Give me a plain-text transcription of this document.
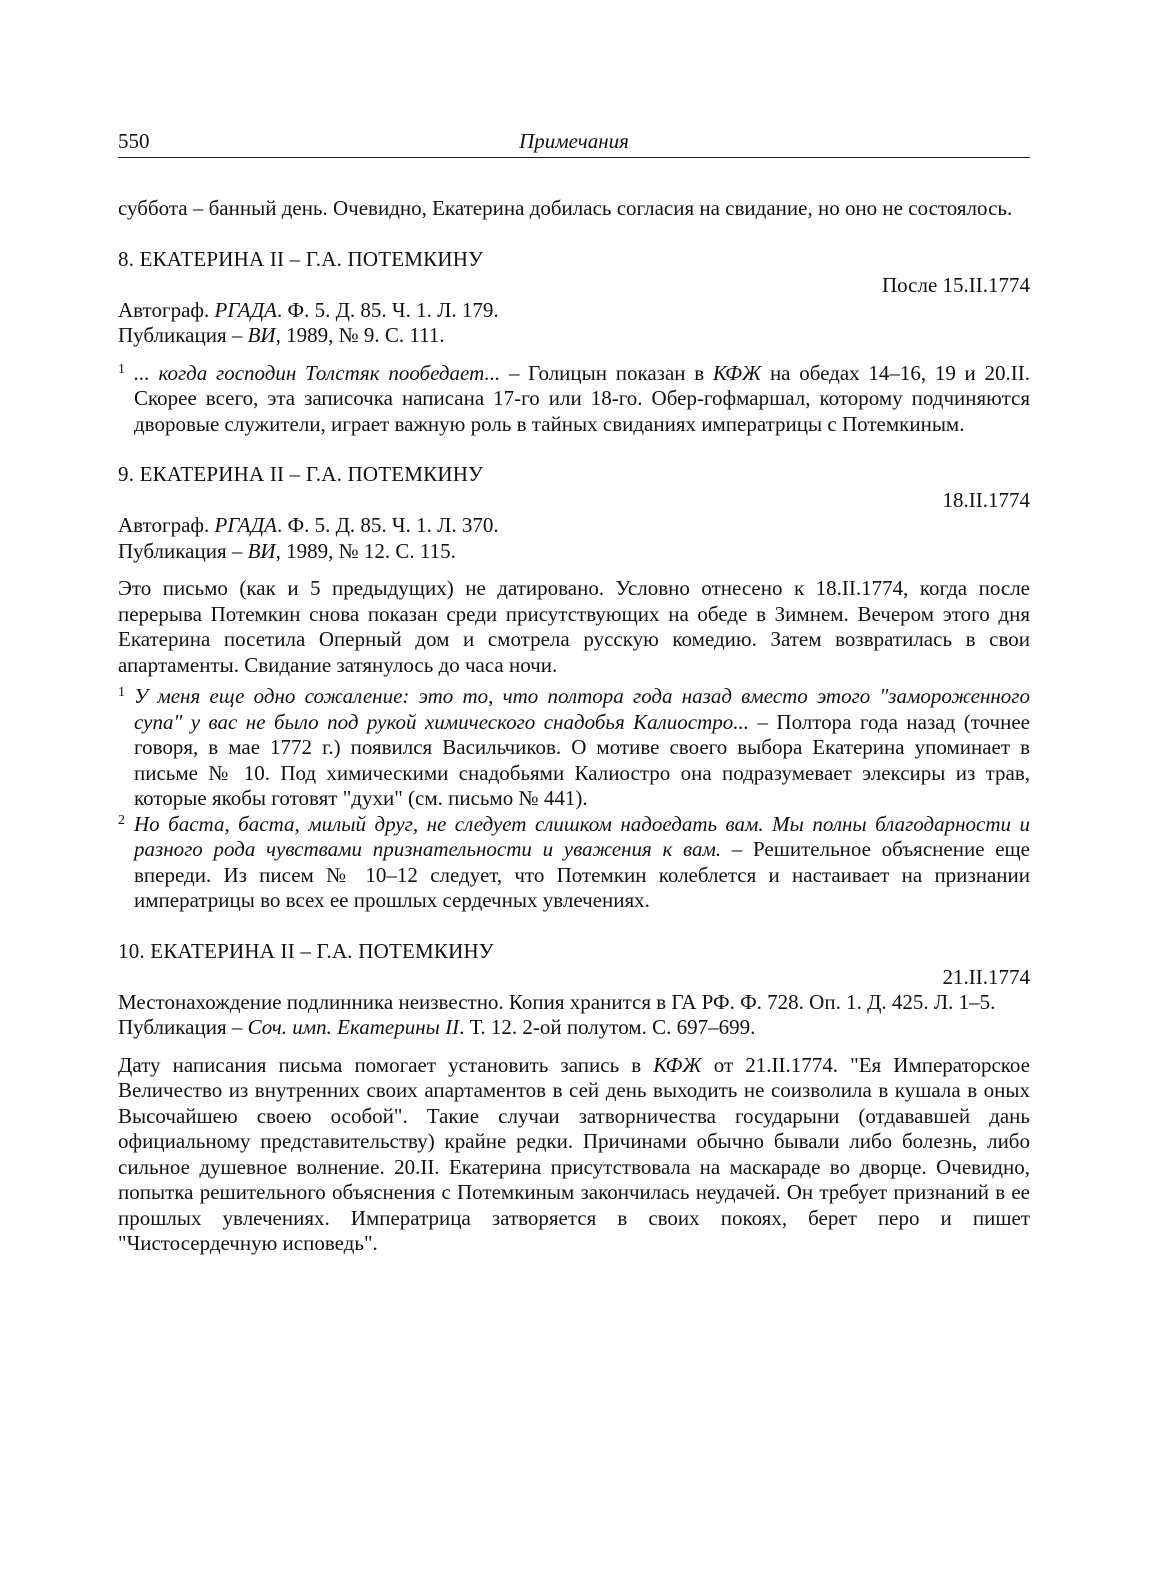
550	Примечания

суббота – банный день. Очевидно, Екатерина добилась согласия на свидание, но оно не состоялось.

8. ЕКАТЕРИНА II – Г.А. ПОТЕМКИНУ
После 15.II.1774
Автограф. РГАДА. Ф. 5. Д. 85. Ч. 1. Л. 179.
Публикация – ВИ, 1989, № 9. С. 111.
1 ... когда господин Толстяк пообедает... – Голицын показан в КФЖ на обедах 14–16, 19 и 20.II. Скорее всего, эта записочка написана 17-го или 18-го. Обер-гофмаршал, которому подчиняются дворовые служители, играет важную роль в тайных свиданиях императрицы с Потемкиным.
9. ЕКАТЕРИНА II – Г.А. ПОТЕМКИНУ
18.II.1774
Автограф. РГАДА. Ф. 5. Д. 85. Ч. 1. Л. 370.
Публикация – ВИ, 1989, № 12. С. 115.

Это письмо (как и 5 предыдущих) не датировано. Условно отнесено к 18.II.1774, когда после перерыва Потемкин снова показан среди присутствующих на обеде в Зимнем. Вечером этого дня Екатерина посетила Оперный дом и смотрела русскую комедию. Затем возвратилась в свои апартаменты. Свидание затянулось до часа ночи.

1 У меня еще одно сожаление: это то, что полтора года назад вместо этого "замороженного супа" у вас не было под рукой химического снадобья Калиостро... – Полтора года назад (точнее говоря, в мае 1772 г.) появился Васильчиков. О мотиве своего выбора Екатерина упоминает в письме № 10. Под химическими снадобьями Калиостро она подразумевает элексиры из трав, которые якобы готовят "духи" (см. письмо № 441).
2 Но баста, баста, милый друг, не следует слишком надоедать вам. Мы полны благодарности и разного рода чувствами признательности и уважения к вам. – Решительное объяснение еще впереди. Из писем № 10–12 следует, что Потемкин колеблется и настаивает на признании императрицы во всех ее прошлых сердечных увлечениях.
10. ЕКАТЕРИНА II – Г.А. ПОТЕМКИНУ
21.II.1774

Местонахождение подлинника неизвестно. Копия хранится в ГА РФ. Ф. 728. Оп. 1. Д. 425. Л. 1–5.

Публикация – Соч. имп. Екатерины II. Т. 12. 2-ой полутом. С. 697–699.

Дату написания письма помогает установить запись в КФЖ от 21.II.1774. "Ея Императорское Величество из внутренних своих апартаментов в сей день выходить не соизволила в кушала в оных Высочайшею своею особой". Такие случаи затворничества государыни (отдававшей дань официальному представительству) крайне редки. Причинами обычно бывали либо болезнь, либо сильное душевное волнение. 20.II. Екатерина присутствовала на маскараде во дворце. Очевидно, попытка решительного объяснения с Потемкиным закончилась неудачей. Он требует признаний в ее прошлых увлечениях. Императрица затворяется в своих покоях, берет перо и пишет "Чистосердечную исповедь".
